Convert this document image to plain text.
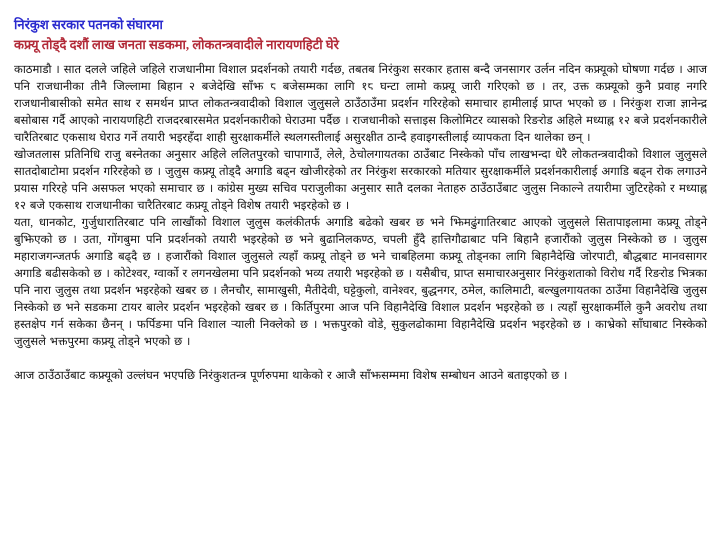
निरंकुश सरकार पतनको संघारमा
कफ्र्यू तोड्दै दशौं लाख जनता सडकमा, लोकतन्त्रवादीले नारायणहिटी घेरे

काठमाडौ । सात दलले जहिले जहिले राजधानीमा विशाल प्रदर्शनको तयारी गर्दछ, तबतब निरंकुश सरकार हतास बन्दै जनसागर उर्लन नदिन कफ्र्यूको घोषणा गर्दछ । आज पनि राजधानीका तीनै जिल्लामा बिहान २ बजेदेखि साँझ ८ बजेसम्मका लागि १८ घन्टा लामो कफ्र्यू जारी गरिएको छ । तर, उक्त कफ्र्यूको कुनै प्रवाह नगरि राजधानीबासीको समेत साथ र समर्थन प्राप्त लोकतन्त्रवादीको विशाल जुलुसले ठाउँठाउँमा प्रदर्शन गरिरहेको समाचार हामीलाई प्राप्त भएको छ । निरंकुश राजा ज्ञानेन्द्र बसोबास गर्दै आएको नारायणहिटी राजदरबारसमेत प्रदर्शनकारीको घेराउमा पर्दैछ । राजधानीको सत्ताइस किलोमिटर व्यासको रिङरोड अहिले मध्याह्न १२ बजे प्रदर्शनकारीले चारैतिरबाट एकसाथ घेराउ गर्ने तयारी भइरहँदा शाही सुरक्षाकर्मीले स्थलगस्तीलाई असुरक्षीत ठान्दै हवाइगस्तीलाई व्यापकता दिन थालेका छन् ।

खोजतलास प्रतिनिधि राजु बस्नेतका अनुसार अहिले ललितपुरको चापागाउँ, लेले, ठेचोलगायतका ठाउँबाट निस्केको पाँच लाखभन्दा धेरै लोकतन्त्रवादीको विशाल जुलुसले सातदोबाटोमा प्रदर्शन गरिरहेको छ । जुलुस कफ्र्यू तोड्दै अगाडि बढ्न खोजीरहेको तर निरंकुश सरकारको मतियार सुरक्षाकर्मीले प्रदर्शनकारीलाई अगाडि बढ्न रोक लगाउने प्रयास गरिरहे पनि असफल भएको समाचार छ । कांग्रेस मुख्य सचिव पराजुलीका अनुसार सातै दलका नेताहरु ठाउँठाउँबाट जुलुस निकाल्ने तयारीमा जुटिरहेको र मध्याह्न १२ बजे एकसाथ राजधानीका चारैतिरबाट कफ्र्यू तोड्ने विशेष तयारी भइरहेको छ ।

यता, धानकोट, गुर्जुधारातिरबाट पनि लाखौंको विशाल जुलुस कलंकीतर्फ अगाडि बढेको खबर छ भने झिमढुंगातिरबाट आएको जुलुसले सितापाइलामा कफ्र्यू तोड्ने बुझिएको छ । उता, गोंगबुमा पनि प्रदर्शनको तयारी भइरहेको छ भने बुढानिलकण्ठ, चपली हुँदै हात्तिगौढाबाट पनि बिहानै हजारौंको जुलुस निस्केको छ । जुलुस महाराजगन्जतर्फ अगाडि बढ्दै छ । हजारौंको विशाल जुलुसले त्यहाँ कफ्र्यू तोड्ने छ भने चाबहिलमा कफ्र्यू तोड्नका लागि बिहानैदेखि जोरपाटी, बौद्धबाट मानवसागर अगाडि बढीसकेको छ । कोटेश्वर, ग्वार्को र लगनखेलमा पनि प्रदर्शनको भव्य तयारी भइरहेको छ । यसैबीच, प्राप्त समाचारअनुसार निरंकुशताको विरोध गर्दै रिङरोड भित्रका पनि नारा जुलुस तथा प्रदर्शन भइरहेको खबर छ । लैनचौर, सामाखुसी, मैतीदेवी, घट्टेकुलो, वानेश्वर, बुद्धनगर, ठमेल, कालिमाटी, बल्खुलगायतका ठाउँमा विहानैदेखि जुलुस निस्केको छ भने सडकमा टायर बालेर प्रदर्शन भइरहेको खबर छ । किर्तिपुरमा आज पनि विहानैदेखि विशाल प्रदर्शन भइरहेको छ । त्यहाँ सुरक्षाकर्मीले कुनै अवरोध तथा हस्तक्षेप गर्न सकेका छैनन् । फर्पिङमा पनि विशाल र्‍याली निक्लेको छ । भक्तपुरको वोडे, सुकुलढोकामा विहानैदेखि प्रदर्शन भइरहेको छ । काभ्रेको साँघाबाट निस्केको जुलुसले भक्तपुरमा कफ्र्यू तोड्ने भएको छ ।

आज ठाउँठाउँबाट कफ्र्यूको उल्लंघन भएपछि निरंकुशतन्त्र पूर्णरुपमा थाकेको र आजै साँझसम्ममा विशेष सम्बोधन आउने बताइएको छ ।
